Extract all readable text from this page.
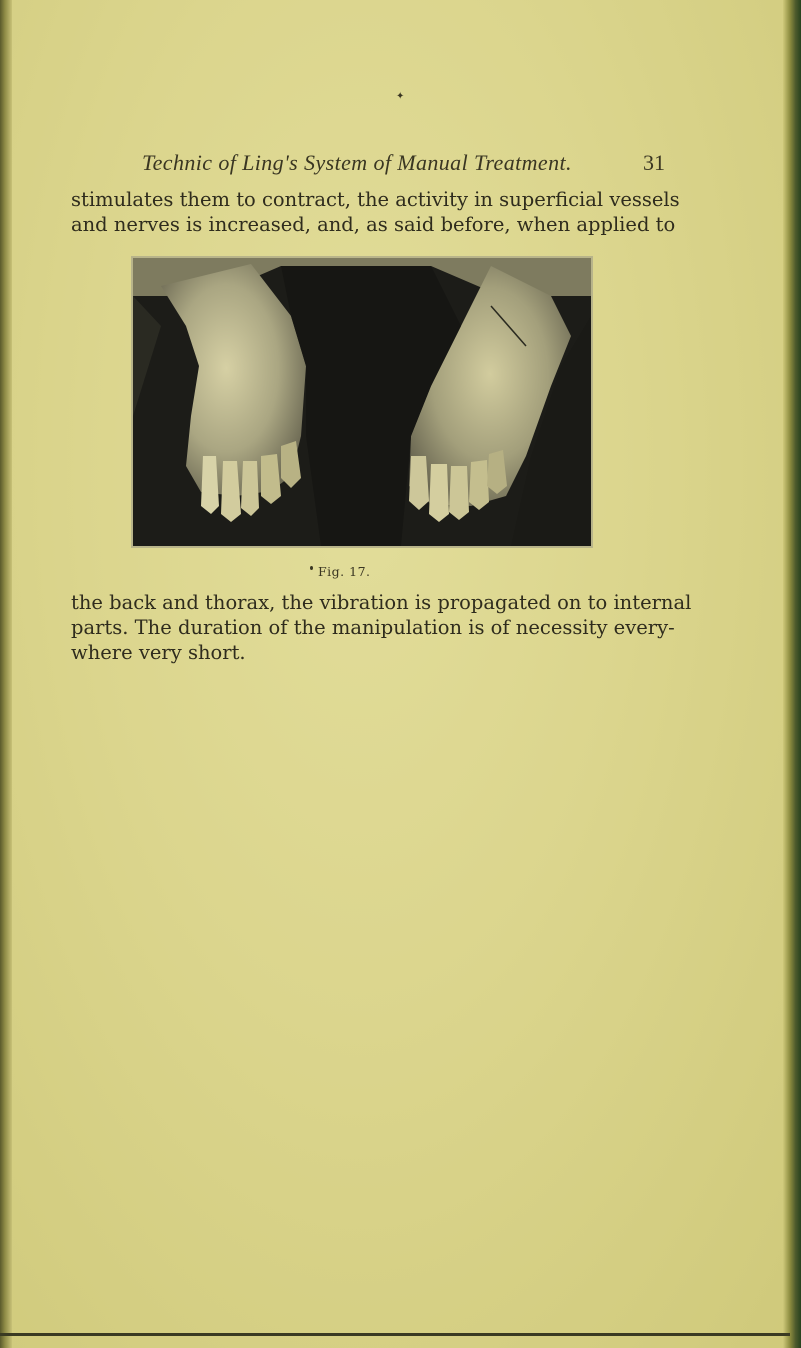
✦
Technic of Ling's System of Manual Treatment.	31

stimulates them to contract, the activity in superficial vessels
and nerves is increased, and, as said before, when applied to

Fig. 17.

the back and thorax, the vibration is propagated on to internal
parts. The duration of the manipulation is of necessity every-
where very short.
